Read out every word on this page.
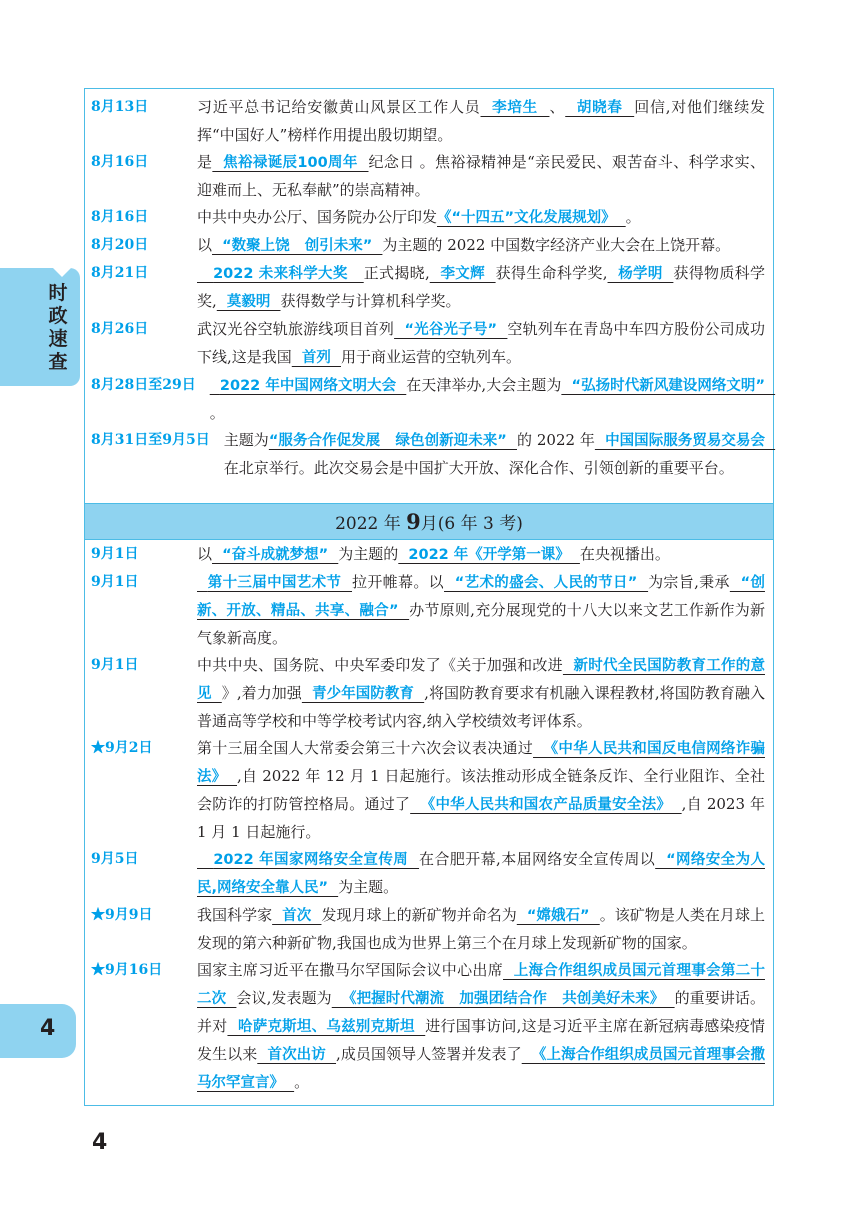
时政速查
4
8月13日	习近平总书记给安徽黄山风景区工作人员  李培生  、  胡晓春  回信,对他们继续发挥“中国好人”榜样作用提出殷切期望。
8月16日	是  焦裕禄诞辰100周年  纪念日 。焦裕禄精神是“亲民爱民、艰苦奋斗、科学求实、迎难而上、无私奉献”的崇高精神。
8月16日	中共中央办公厅、国务院办公厅印发《“十四五”文化发展规划》  。
8月20日	以  “数聚上饶   创引未来”  为主题的 2022 中国数字经济产业大会在上饶开幕。
8月21日	2022 未来科学大奖   正式揭晓,  李文辉  获得生命科学奖,  杨学明  获得物质科学奖,  莫毅明  获得数学与计算机科学奖。
8月26日	武汉光谷空轨旅游线项目首列  “光谷光子号”  空轨列车在青岛中车四方股份公司成功下线,这是我国  首列  用于商业运营的空轨列车。
8月28日至29日 2022 年中国网络文明大会  在天津举办,大会主题为  “弘扬时代新风建设网络文明”  。
8月31日至9月5日 主题为“服务合作促发展   绿色创新迎未来”  的 2022 年  中国国际服务贸易交易会  在北京举行。此次交易会是中国扩大开放、深化合作、引领创新的重要平台。
2022 年 9月(6 年 3 考)
9月1日	以  “奋斗成就梦想”  为主题的  2022 年《开学第一课》  在央视播出。
9月1日	第十三届中国艺术节  拉开帷幕。以  “艺术的盛会、人民的节日”  为宗旨,秉承  “创新、开放、精品、共享、融合”  办节原则,充分展现党的十八大以来文艺工作新作为新气象新高度。
9月1日	中共中央、国务院、中央军委印发了《关于加强和改进  新时代全民国防教育工作的意见  》,着力加强  青少年国防教育  ,将国防教育要求有机融入课程教材,将国防教育融入普通高等学校和中等学校考试内容,纳入学校绩效考评体系。
★9月2日	第十三届全国人大常委会第三十六次会议表决通过  《中华人民共和国反电信网络诈骗法》  ,自 2022 年 12 月 1 日起施行。该法推动形成全链条反诈、全行业阻诈、全社会防诈的打防管控格局。通过了  《中华人民共和国农产品质量安全法》  ,自 2023 年 1 月 1 日起施行。
9月5日	2022 年国家网络安全宣传周  在合肥开幕,本届网络安全宣传周以  “网络安全为人民,网络安全靠人民”  为主题。
★9月9日	我国科学家  首次  发现月球上的新矿物并命名为  “嫦娥石”  。该矿物是人类在月球上发现的第六种新矿物,我国也成为世界上第三个在月球上发现新矿物的国家。
★9月16日	国家主席习近平在撒马尔罕国际会议中心出席  上海合作组织成员国元首理事会第二十二次  会议,发表题为  《把握时代潮流   加强团结合作   共创美好未来》  的重要讲话。并对  哈萨克斯坦、乌兹别克斯坦  进行国事访问,这是习近平主席在新冠病毒感染疫情发生以来  首次出访  ,成员国领导人签署并发表了  《上海合作组织成员国元首理事会撒马尔罕宣言》  。
4
